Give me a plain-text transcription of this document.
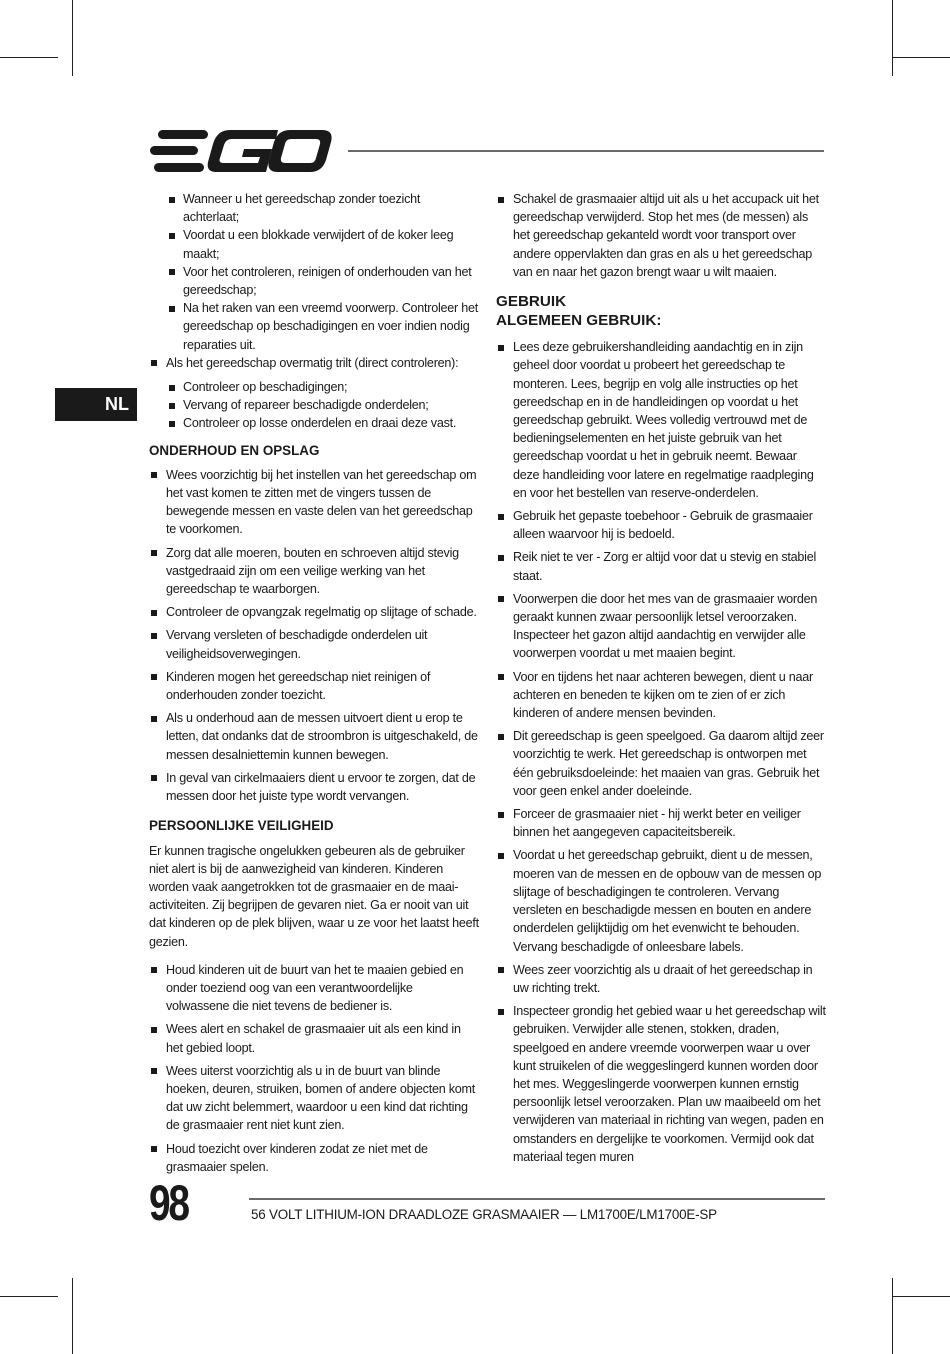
NL
Wanneer u het gereedschap zonder toezicht achterlaat;
Voordat u een blokkade verwijdert of de koker leeg maakt;
Voor het controleren, reinigen of onderhouden van het gereedschap;
Na het raken van een vreemd voorwerp. Controleer het gereedschap op beschadigingen en voer indien nodig reparaties uit.
Als het gereedschap overmatig trilt (direct controleren):
Controleer op beschadigingen;
Vervang of repareer beschadigde onderdelen;
Controleer op losse onderdelen en draai deze vast.
ONDERHOUD EN OPSLAG
Wees voorzichtig bij het instellen van het gereedschap om het vast komen te zitten met de vingers tussen de bewegende messen en vaste delen van het gereedschap te voorkomen.
Zorg dat alle moeren, bouten en schroeven altijd stevig vastgedraaid zijn om een veilige werking van het gereedschap te waarborgen.
Controleer de opvangzak regelmatig op slijtage of schade.
Vervang versleten of beschadigde onderdelen uit veiligheidsoverwegingen.
Kinderen mogen het gereedschap niet reinigen of onderhouden zonder toezicht.
Als u onderhoud aan de messen uitvoert dient u erop te letten, dat ondanks dat de stroombron is uitgeschakeld, de messen desalniettemin kunnen bewegen.
In geval van cirkelmaaiers dient u ervoor te zorgen, dat de messen door het juiste type wordt vervangen.
PERSOONLIJKE VEILIGHEID
Er kunnen tragische ongelukken gebeuren als de gebruiker niet alert is bij de aanwezigheid van kinderen. Kinderen worden vaak aangetrokken tot de grasmaaier en de maai-activiteiten. Zij begrijpen de gevaren niet. Ga er nooit van uit dat kinderen op de plek blijven, waar u ze voor het laatst heeft gezien.
Houd kinderen uit de buurt van het te maaien gebied en onder toeziend oog van een verantwoordelijke volwassene die niet tevens de bediener is.
Wees alert en schakel de grasmaaier uit als een kind in het gebied loopt.
Wees uiterst voorzichtig als u in de buurt van blinde hoeken, deuren, struiken, bomen of andere objecten komt dat uw zicht belemmert, waardoor u een kind dat richting de grasmaaier rent niet kunt zien.
Houd toezicht over kinderen zodat ze niet met de grasmaaier spelen.
Schakel de grasmaaier altijd uit als u het accupack uit het gereedschap verwijderd. Stop het mes (de messen) als het gereedschap gekanteld wordt voor transport over andere oppervlakten dan gras en als u het gereedschap van en naar het gazon brengt waar u wilt maaien.
GEBRUIK
ALGEMEEN GEBRUIK:
Lees deze gebruikershandleiding aandachtig en in zijn geheel door voordat u probeert het gereedschap te monteren. Lees, begrijp en volg alle instructies op het gereedschap en in de handleidingen op voordat u het gereedschap gebruikt. Wees volledig vertrouwd met de bedieningselementen en het juiste gebruik van het gereedschap voordat u het in gebruik neemt. Bewaar deze handleiding voor latere en regelmatige raadpleging en voor het bestellen van reserve-onderdelen.
Gebruik het gepaste toebehoor - Gebruik de grasmaaier alleen waarvoor hij is bedoeld.
Reik niet te ver - Zorg er altijd voor dat u stevig en stabiel staat.
Voorwerpen die door het mes van de grasmaaier worden geraakt kunnen zwaar persoonlijk letsel veroorzaken. Inspecteer het gazon altijd aandachtig en verwijder alle voorwerpen voordat u met maaien begint.
Voor en tijdens het naar achteren bewegen, dient u naar achteren en beneden te kijken om te zien of er zich kinderen of andere mensen bevinden.
Dit gereedschap is geen speelgoed. Ga daarom altijd zeer voorzichtig te werk. Het gereedschap is ontworpen met één gebruiksdoeleinde: het maaien van gras. Gebruik het voor geen enkel ander doeleinde.
Forceer de grasmaaier niet - hij werkt beter en veiliger binnen het aangegeven capaciteitsbereik.
Voordat u het gereedschap gebruikt, dient u de messen, moeren van de messen en de opbouw van de messen op slijtage of beschadigingen te controleren. Vervang versleten en beschadigde messen en bouten en andere onderdelen gelijktijdig om het evenwicht te behouden. Vervang beschadigde of onleesbare labels.
Wees zeer voorzichtig als u draait of het gereedschap in uw richting trekt.
Inspecteer grondig het gebied waar u het gereedschap wilt gebruiken. Verwijder alle stenen, stokken, draden, speelgoed en andere vreemde voorwerpen waar u over kunt struikelen of die weggeslingerd kunnen worden door het mes. Weggeslingerde voorwerpen kunnen ernstig persoonlijk letsel veroorzaken. Plan uw maaibeeld om het verwijderen van materiaal in richting van wegen, paden en omstanders en dergelijke te voorkomen. Vermijd ook dat materiaal tegen muren
98	56 VOLT LITHIUM-ION DRAADLOZE GRASMAAIER — LM1700E/LM1700E-SP
